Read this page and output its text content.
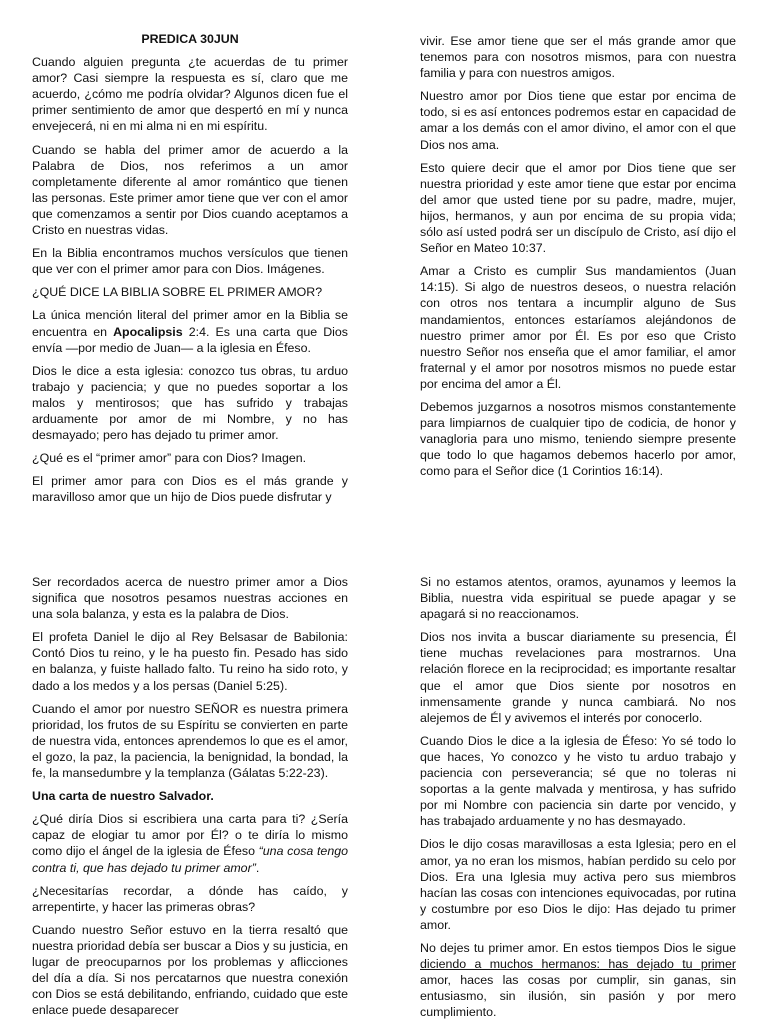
PREDICA 30JUN

Cuando alguien pregunta ¿te acuerdas de tu primer amor? Casi siempre la respuesta es sí, claro que me acuerdo, ¿cómo me podría olvidar? Algunos dicen fue el primer sentimiento de amor que despertó en mí y nunca envejecerá, ni en mi alma ni en mi espíritu.

Cuando se habla del primer amor de acuerdo a la Palabra de Dios, nos referimos a un amor completamente diferente al amor romántico que tienen las personas. Este primer amor tiene que ver con el amor que comenzamos a sentir por Dios cuando aceptamos a Cristo en nuestras vidas.

En la Biblia encontramos muchos versículos que tienen que ver con el primer amor para con Dios. Imágenes.

¿QUÉ DICE LA BIBLIA SOBRE EL PRIMER AMOR?

La única mención literal del primer amor en la Biblia se encuentra en Apocalipsis 2:4. Es una carta que Dios envía —por medio de Juan— a la iglesia en Éfeso.

Dios le dice a esta iglesia: conozco tus obras, tu arduo trabajo y paciencia; y que no puedes soportar a los malos y mentirosos; que has sufrido y trabajas arduamente por amor de mi Nombre, y no has desmayado; pero has dejado tu primer amor.

¿Qué es el “primer amor” para con Dios? Imagen.

El primer amor para con Dios es el más grande y maravilloso amor que un hijo de Dios puede disfrutar y

vivir. Ese amor tiene que ser el más grande amor que tenemos para con nosotros mismos, para con nuestra familia y para con nuestros amigos.

Nuestro amor por Dios tiene que estar por encima de todo, si es así entonces podremos estar en capacidad de amar a los demás con el amor divino, el amor con el que Dios nos ama.

Esto quiere decir que el amor por Dios tiene que ser nuestra prioridad y este amor tiene que estar por encima del amor que usted tiene por su padre, madre, mujer, hijos, hermanos, y aun por encima de su propia vida; sólo así usted podrá ser un discípulo de Cristo, así dijo el Señor en Mateo 10:37.

Amar a Cristo es cumplir Sus mandamientos (Juan 14:15). Si algo de nuestros deseos, o nuestra relación con otros nos tentara a incumplir alguno de Sus mandamientos, entonces estaríamos alejándonos de nuestro primer amor por Él. Es por eso que Cristo nuestro Señor nos enseña que el amor familiar, el amor fraternal y el amor por nosotros mismos no puede estar por encima del amor a Él.

Debemos juzgarnos a nosotros mismos constantemente para limpiarnos de cualquier tipo de codicia, de honor y vanagloria para uno mismo, teniendo siempre presente que todo lo que hagamos debemos hacerlo por amor, como para el Señor dice (1 Corintios 16:14).

Ser recordados acerca de nuestro primer amor a Dios significa que nosotros pesamos nuestras acciones en una sola balanza, y esta es la palabra de Dios.

El profeta Daniel le dijo al Rey Belsasar de Babilonia: Contó Dios tu reino, y le ha puesto fin. Pesado has sido en balanza, y fuiste hallado falto. Tu reino ha sido roto, y dado a los medos y a los persas (Daniel 5:25).

Cuando el amor por nuestro SEÑOR es nuestra primera prioridad, los frutos de su Espíritu se convierten en parte de nuestra vida, entonces aprendemos lo que es el amor, el gozo, la paz, la paciencia, la benignidad, la bondad, la fe, la mansedumbre y la templanza (Gálatas 5:22-23).

Una carta de nuestro Salvador.

¿Qué diría Dios si escribiera una carta para ti? ¿Sería capaz de elogiar tu amor por Él? o te diría lo mismo como dijo el ángel de la iglesia de Éfeso “una cosa tengo contra ti, que has dejado tu primer amor”.

¿Necesitarías recordar, a dónde has caído, y arrepentirte, y hacer las primeras obras?

Cuando nuestro Señor estuvo en la tierra resaltó que nuestra prioridad debía ser buscar a Dios y su justicia, en lugar de preocuparnos por los problemas y aflicciones del día a día. Si nos percatarnos que nuestra conexión con Dios se está debilitando, enfriando, cuidado que este enlace puede desaparecer

Si no estamos atentos, oramos, ayunamos y leemos la Biblia, nuestra vida espiritual se puede apagar y se apagará si no reaccionamos.

Dios nos invita a buscar diariamente su presencia, Él tiene muchas revelaciones para mostrarnos. Una relación florece en la reciprocidad; es importante resaltar que el amor que Dios siente por nosotros en inmensamente grande y nunca cambiará. No nos alejemos de Él y avivemos el interés por conocerlo.

Cuando Dios le dice a la iglesia de Éfeso: Yo sé todo lo que haces, Yo conozco y he visto tu arduo trabajo y paciencia con perseverancia; sé que no toleras ni soportas a la gente malvada y mentirosa, y has sufrido por mi Nombre con paciencia sin darte por vencido, y has trabajado arduamente y no has desmayado.

Dios le dijo cosas maravillosas a esta Iglesia; pero en el amor, ya no eran los mismos, habían perdido su celo por Dios. Era una Iglesia muy activa pero sus miembros hacían las cosas con intenciones equivocadas, por rutina y costumbre por eso Dios le dijo: Has dejado tu primer amor.

No dejes tu primer amor. En estos tiempos Dios le sigue diciendo a muchos hermanos: has dejado tu primer amor, haces las cosas por cumplir, sin ganas, sin entusiasmo, sin ilusión, sin pasión y por mero cumplimiento.
